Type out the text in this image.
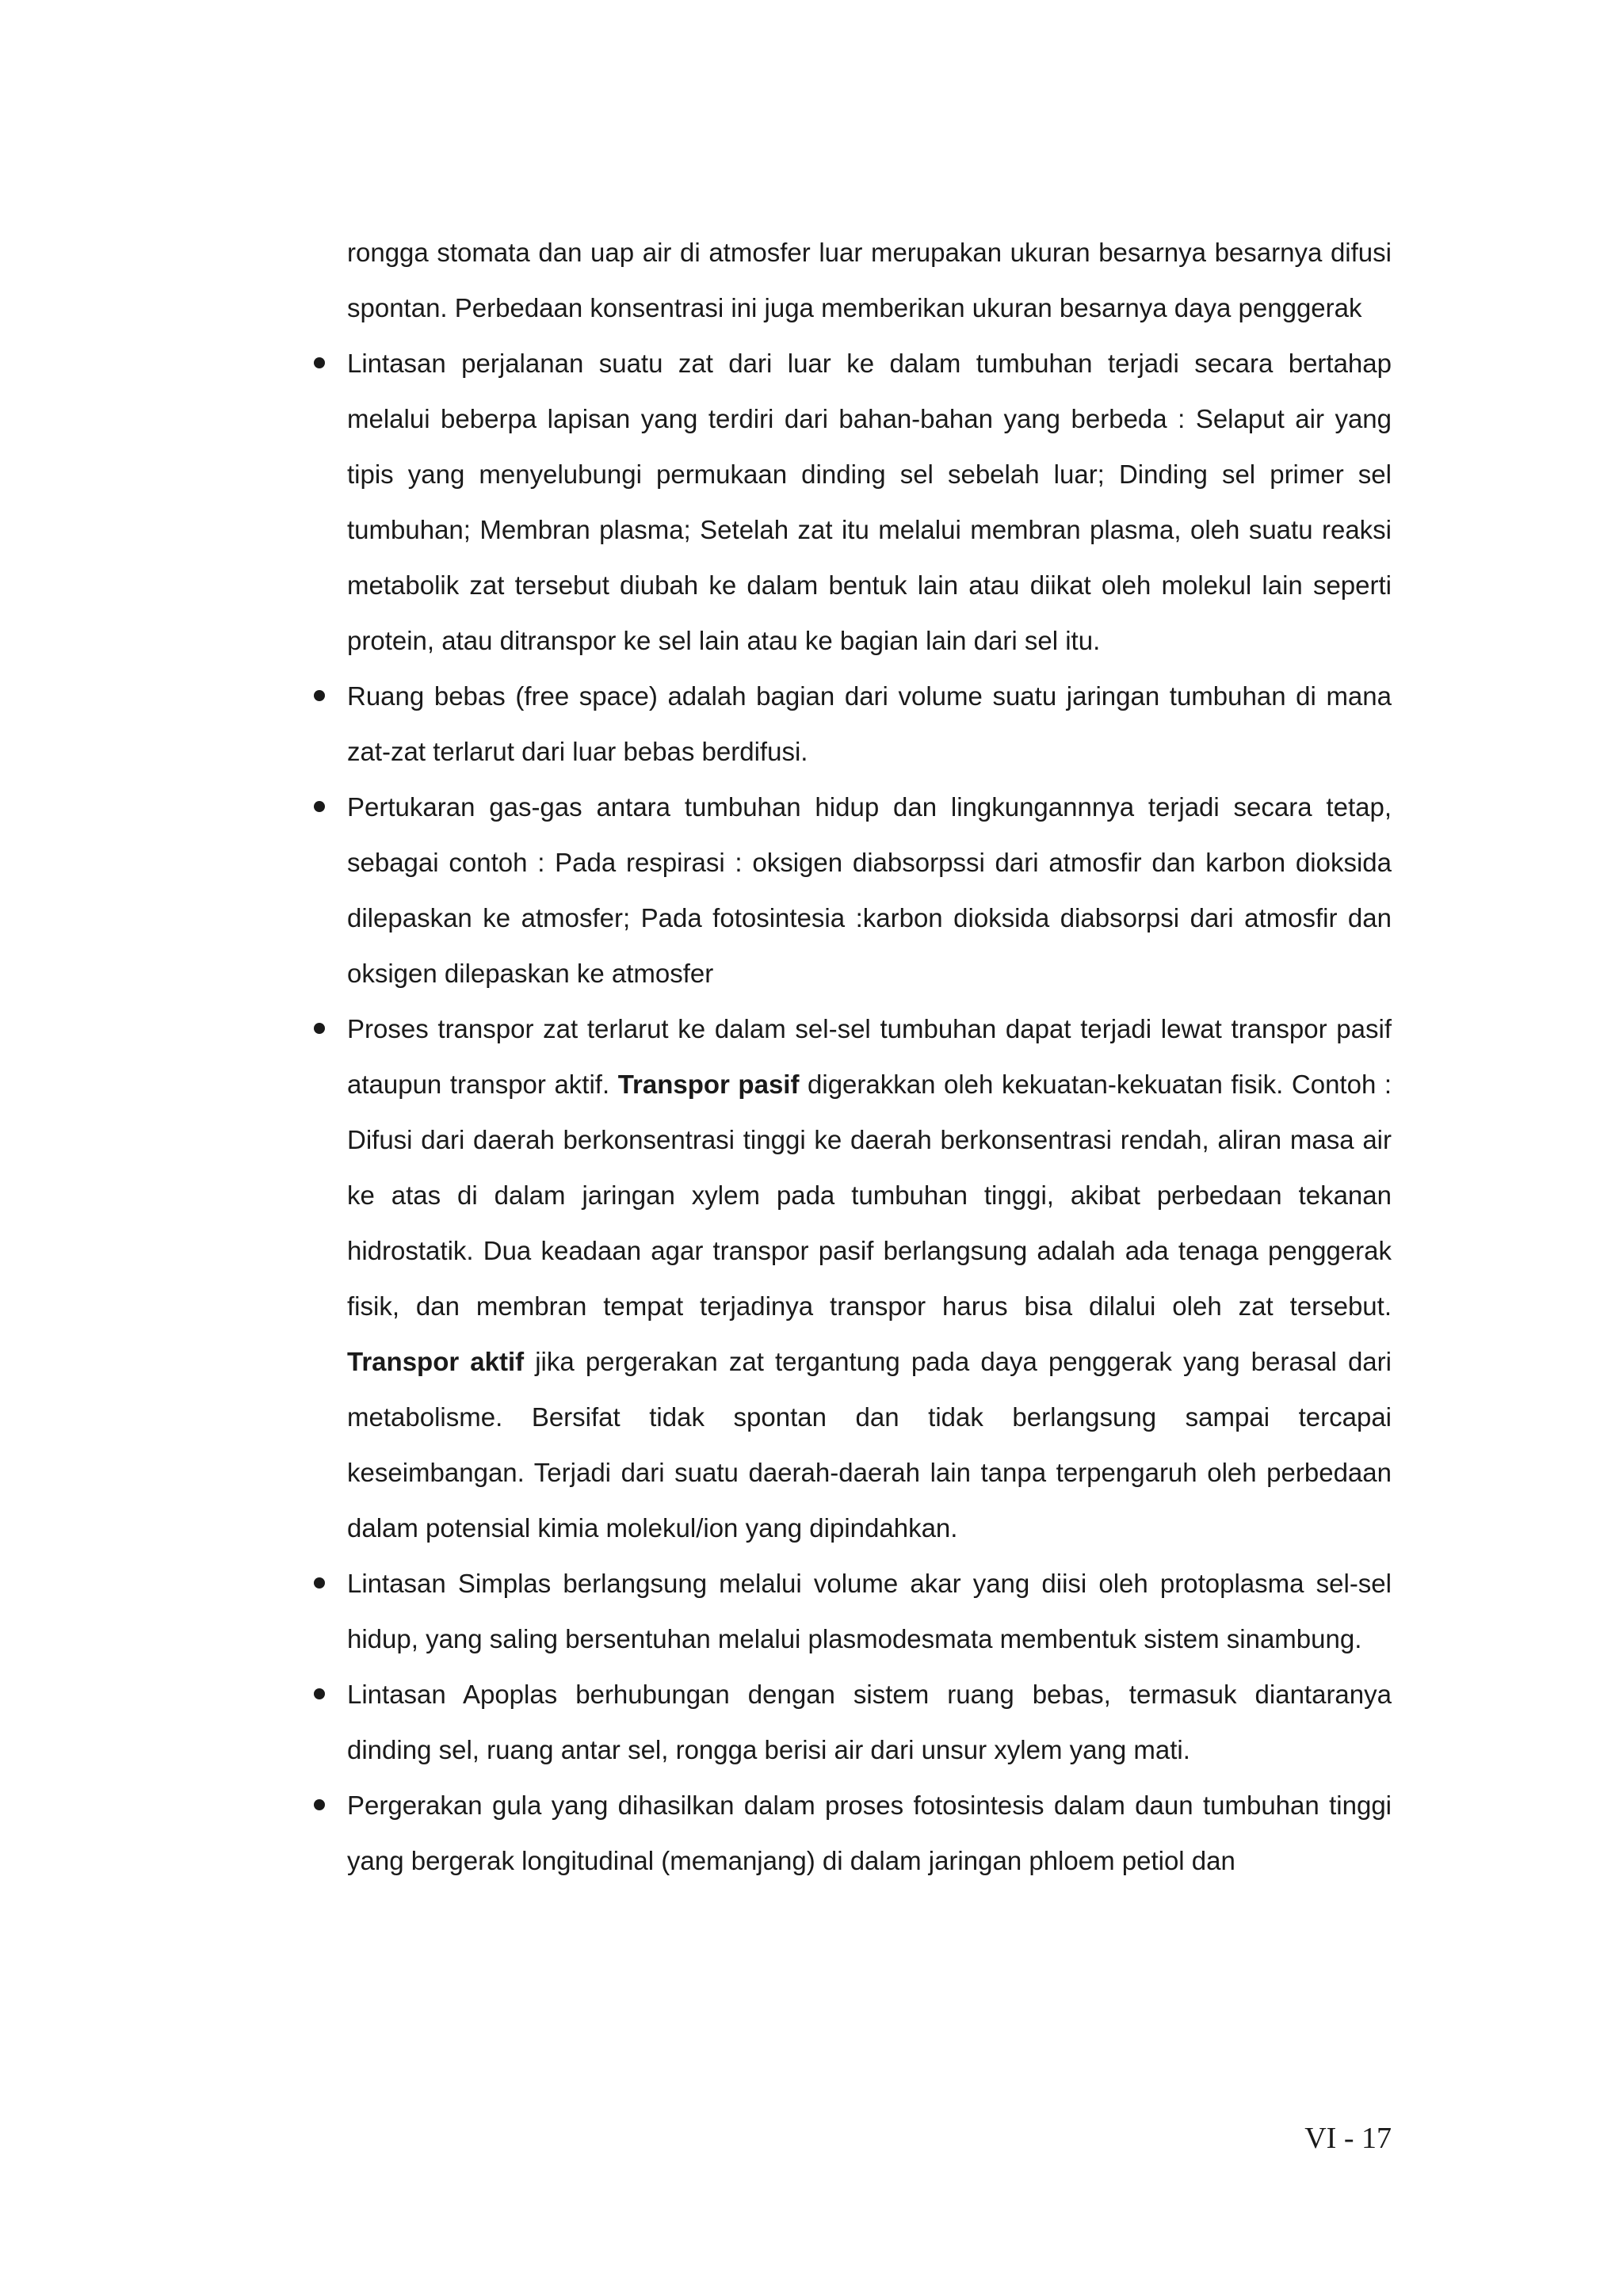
rongga stomata dan uap air di atmosfer luar merupakan ukuran besarnya besarnya difusi spontan. Perbedaan konsentrasi ini juga memberikan ukuran besarnya daya penggerak

Lintasan perjalanan suatu zat dari luar ke dalam tumbuhan terjadi secara bertahap melalui beberpa lapisan yang terdiri dari bahan-bahan yang berbeda : Selaput air yang tipis yang menyelubungi permukaan dinding sel sebelah luar; Dinding sel primer sel tumbuhan; Membran plasma; Setelah zat itu melalui membran plasma, oleh suatu reaksi metabolik zat tersebut diubah ke dalam bentuk lain atau diikat oleh molekul lain seperti protein, atau ditranspor ke sel lain atau ke bagian lain dari sel itu.
Ruang bebas (free space) adalah bagian dari volume suatu jaringan tumbuhan di mana zat-zat terlarut dari luar bebas berdifusi.
Pertukaran gas-gas antara tumbuhan hidup dan lingkungannnya terjadi secara tetap, sebagai contoh : Pada respirasi : oksigen diabsorpssi dari atmosfir dan karbon dioksida dilepaskan ke atmosfer; Pada fotosintesia :karbon dioksida diabsorpsi dari atmosfir dan oksigen dilepaskan ke atmosfer
Proses transpor zat terlarut ke dalam sel-sel tumbuhan dapat terjadi lewat transpor pasif ataupun transpor aktif. Transpor pasif digerakkan oleh kekuatan-kekuatan fisik. Contoh : Difusi dari daerah berkonsentrasi tinggi ke daerah berkonsentrasi rendah, aliran masa air ke atas di dalam jaringan xylem pada tumbuhan tinggi, akibat perbedaan tekanan hidrostatik. Dua keadaan agar transpor pasif berlangsung adalah ada tenaga penggerak fisik, dan membran tempat terjadinya transpor harus bisa dilalui oleh zat tersebut. Transpor aktif jika pergerakan zat tergantung pada daya penggerak yang berasal dari metabolisme. Bersifat tidak spontan dan tidak berlangsung sampai tercapai keseimbangan. Terjadi dari suatu daerah-daerah lain tanpa terpengaruh oleh perbedaan dalam potensial kimia molekul/ion yang dipindahkan.
Lintasan Simplas berlangsung melalui volume akar yang diisi oleh protoplasma sel-sel hidup, yang saling bersentuhan melalui plasmodesmata membentuk sistem sinambung.
Lintasan Apoplas berhubungan dengan sistem ruang bebas, termasuk diantaranya dinding sel, ruang antar sel, rongga berisi air dari unsur xylem yang mati.
Pergerakan gula yang dihasilkan dalam proses fotosintesis dalam daun tumbuhan tinggi yang bergerak longitudinal (memanjang) di dalam jaringan phloem petiol dan
VI - 17
